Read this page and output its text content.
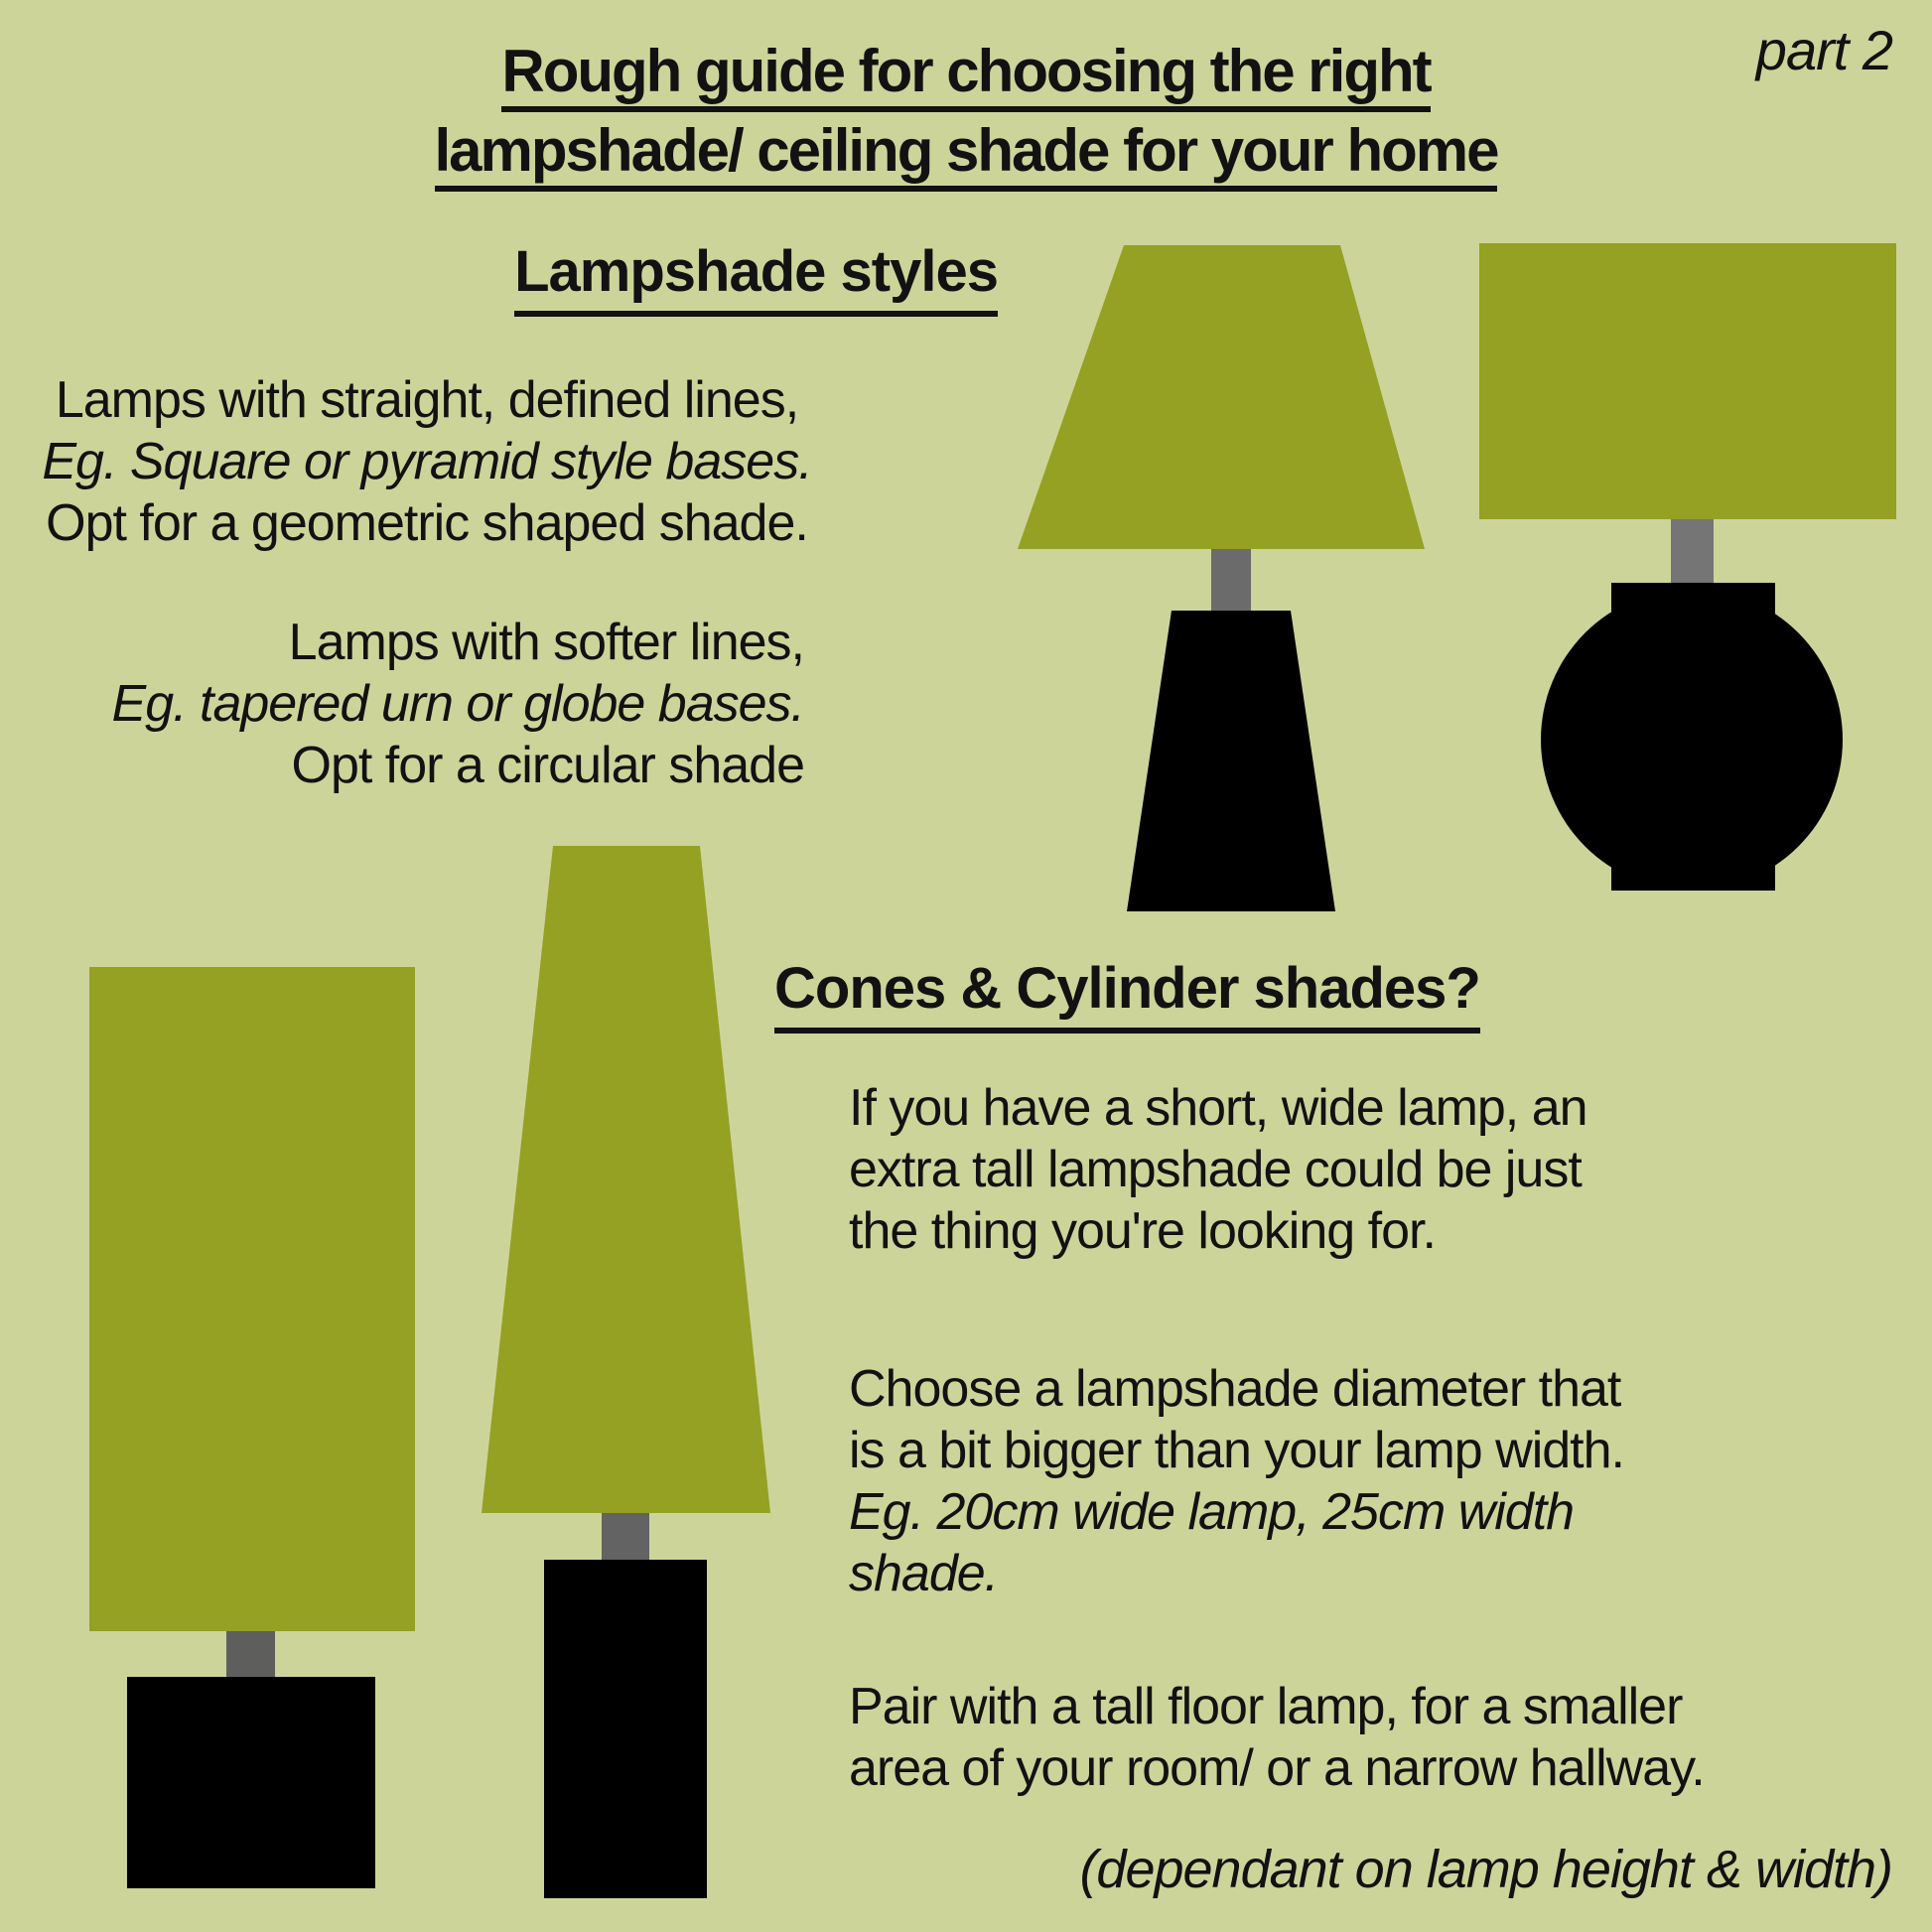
part 2
Rough guide for choosing the right
lampshade/ ceiling shade for your home
Lampshade styles
Lamps with straight, defined lines,
Eg. Square or pyramid style bases.
Opt for a geometric shaped shade.
Lamps with softer lines,
Eg. tapered urn or globe bases.
Opt for a circular shade
Cones & Cylinder shades?
If you have a short, wide lamp, an
extra tall lampshade could be just
the thing you're looking for.
Choose a lampshade diameter that
is a bit bigger than your lamp width.
Eg. 20cm wide lamp, 25cm width
shade.
Pair with a tall floor lamp, for a smaller
area of your room/ or a narrow hallway.
(dependant on lamp height & width)
